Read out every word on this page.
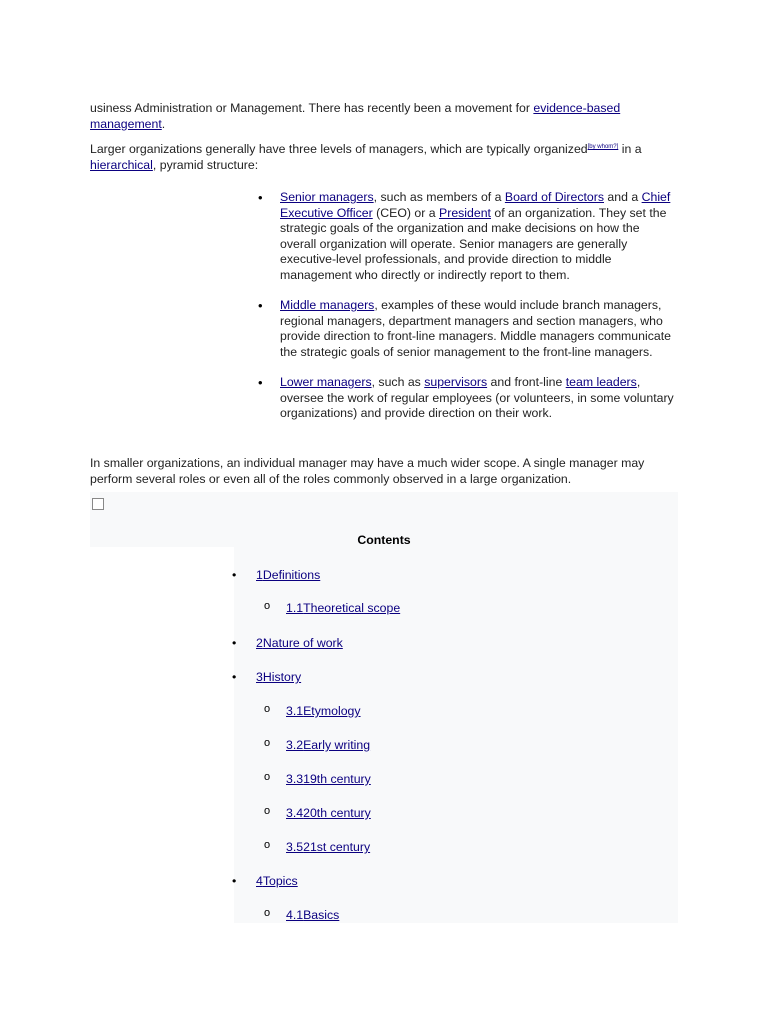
usiness Administration or Management. There has recently been a movement for evidence-based management.

Larger organizations generally have three levels of managers, which are typically organized[by whom?] in a hierarchical, pyramid structure:

• Senior managers, such as members of a Board of Directors and a Chief Executive Officer (CEO) or a President of an organization. They set the strategic goals of the organization and make decisions on how the overall organization will operate. Senior managers are generally executive-level professionals, and provide direction to middle management who directly or indirectly report to them.
• Middle managers, examples of these would include branch managers, regional managers, department managers and section managers, who provide direction to front-line managers. Middle managers communicate the strategic goals of senior management to the front-line managers.
• Lower managers, such as supervisors and front-line team leaders, oversee the work of regular employees (or volunteers, in some voluntary organizations) and provide direction on their work.

In smaller organizations, an individual manager may have a much wider scope. A single manager may perform several roles or even all of the roles commonly observed in a large organization.

Contents
• 1Definitions
o 1.1Theoretical scope
• 2Nature of work
• 3History
o 3.1Etymology
o 3.2Early writing
o 3.319th century
o 3.420th century
o 3.521st century
• 4Topics
o 4.1Basics
